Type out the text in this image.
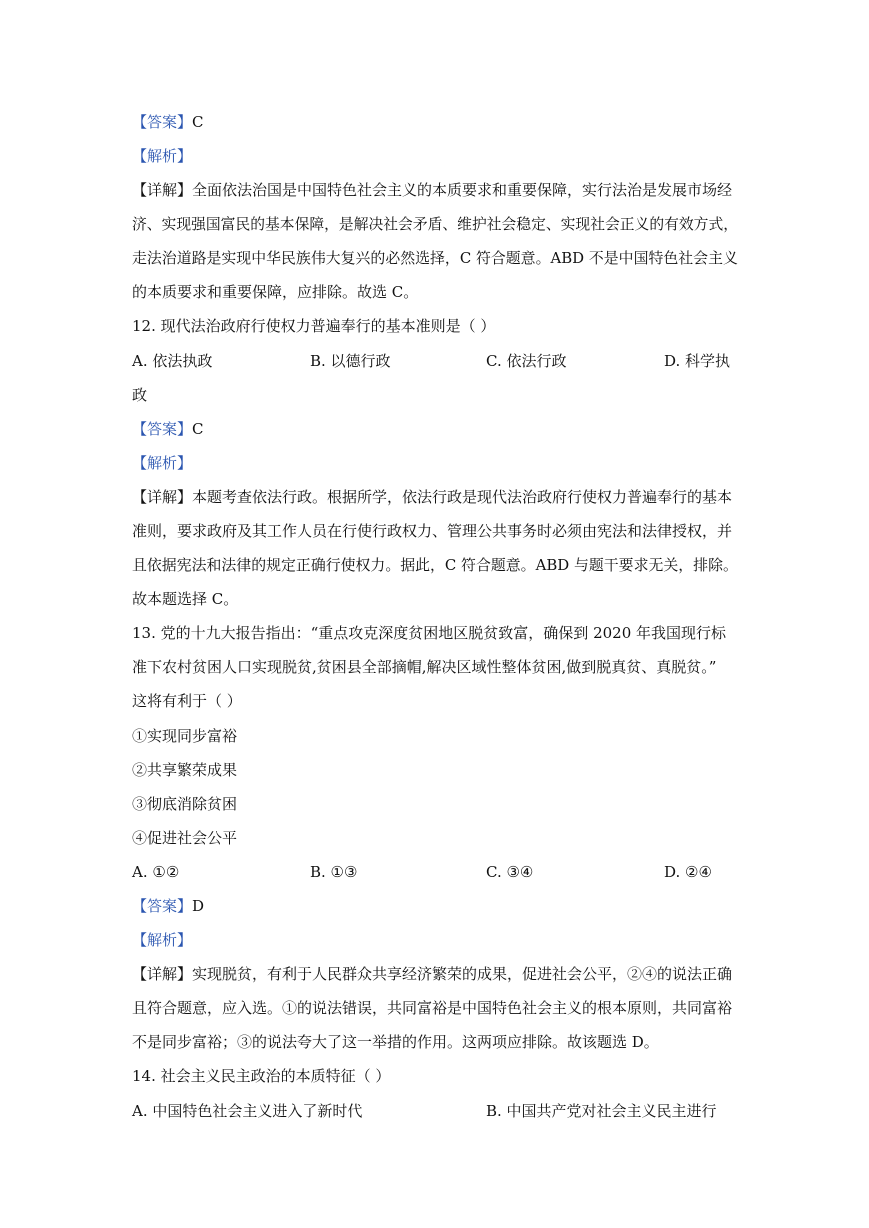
【答案】C
【解析】
【详解】全面依法治国是中国特色社会主义的本质要求和重要保障，实行法治是发展市场经
济、实现强国富民的基本保障，是解决社会矛盾、维护社会稳定、实现社会正义的有效方式，
走法治道路是实现中华民族伟大复兴的必然选择，C 符合题意。ABD 不是中国特色社会主义
的本质要求和重要保障，应排除。故选 C。
12. 现代法治政府行使权力普遍奉行的基本准则是（ ）
A. 依法执政	B. 以德行政	C. 依法行政	D. 科学执
政
【答案】C
【解析】
【详解】本题考查依法行政。根据所学，依法行政是现代法治政府行使权力普遍奉行的基本
准则，要求政府及其工作人员在行使行政权力、管理公共事务时必须由宪法和法律授权，并
且依据宪法和法律的规定正确行使权力。据此，C 符合题意。ABD 与题干要求无关，排除。
故本题选择 C。
13. 党的十九大报告指出：“重点攻克深度贫困地区脱贫致富，确保到 2020 年我国现行标
准下农村贫困人口实现脱贫,贫困县全部摘帽,解决区域性整体贫困,做到脱真贫、真脱贫。”
这将有利于（ ）
①实现同步富裕
②共享繁荣成果
③彻底消除贫困
④促进社会公平
A. ①②	B. ①③	C. ③④	D. ②④
【答案】D
【解析】
【详解】实现脱贫，有利于人民群众共享经济繁荣的成果，促进社会公平，②④的说法正确
且符合题意，应入选。①的说法错误，共同富裕是中国特色社会主义的根本原则，共同富裕
不是同步富裕；③的说法夸大了这一举措的作用。这两项应排除。故该题选 D。
14. 社会主义民主政治的本质特征（ ）
A. 中国特色社会主义进入了新时代	B. 中国共产党对社会主义民主进行
